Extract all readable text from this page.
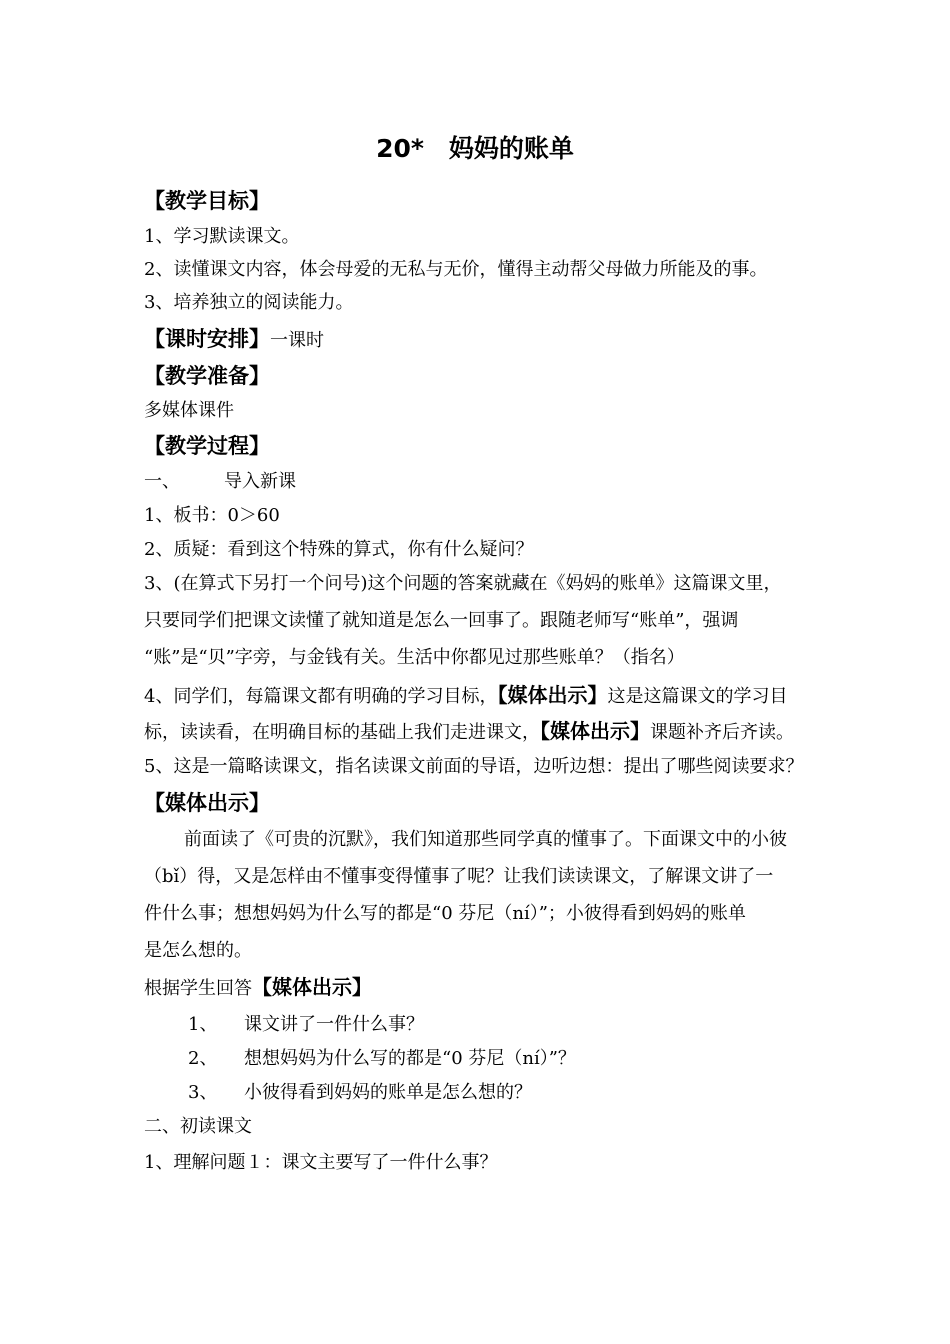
20*　妈妈的账单
【教学目标】
1、学习默读课文。
2、读懂课文内容，体会母爱的无私与无价，懂得主动帮父母做力所能及的事。
3、培养独立的阅读能力。
【课时安排】一课时
【教学准备】
多媒体课件
【教学过程】
一、 导入新课
1、板书：0＞60
2、质疑：看到这个特殊的算式，你有什么疑问？
3、(在算式下另打一个问号)这个问题的答案就藏在《妈妈的账单》这篇课文里，
只要同学们把课文读懂了就知道是怎么一回事了。跟随老师写“账单”，强调
“账”是“贝”字旁，与金钱有关。生活中你都见过那些账单？（指名）
4、同学们，每篇课文都有明确的学习目标，【媒体出示】这是这篇课文的学习目
标，读读看，在明确目标的基础上我们走进课文，【媒体出示】课题补齐后齐读。
5、这是一篇略读课文，指名读课文前面的导语，边听边想：提出了哪些阅读要求？
【媒体出示】
前面读了《可贵的沉默》，我们知道那些同学真的懂事了。下面课文中的小彼
（bǐ）得，又是怎样由不懂事变得懂事了呢？让我们读读课文，了解课文讲了一
件什么事；想想妈妈为什么写的都是“0 芬尼（ní）”；小彼得看到妈妈的账单
是怎么想的。
根据学生回答【媒体出示】
1、 课文讲了一件什么事？
2、 想想妈妈为什么写的都是“0 芬尼（ní）”？
3、 小彼得看到妈妈的账单是怎么想的？
二、初读课文
1、理解问题１：课文主要写了一件什么事？
